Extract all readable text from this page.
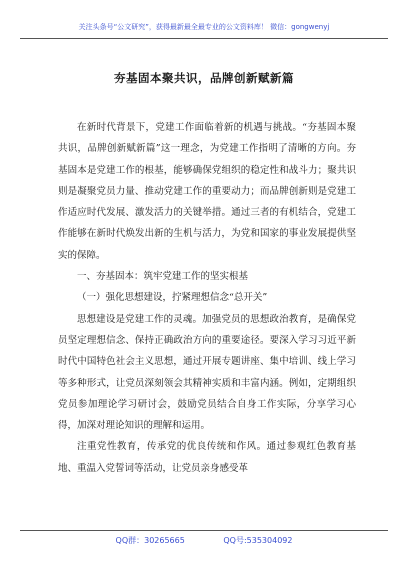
关注头条号“公文研究”，获得最新最全最专业的公文资料库！ 微信：gongwenyj
夯基固本聚共识，品牌创新赋新篇

在新时代背景下，党建工作面临着新的机遇与挑战。“夯基固本聚共识，品牌创新赋新篇”这一理念，为党建工作指明了清晰的方向。夯基固本是党建工作的根基，能够确保党组织的稳定性和战斗力；聚共识则是凝聚党员力量、推动党建工作的重要动力；而品牌创新则是党建工作适应时代发展、激发活力的关键举措。通过三者的有机结合，党建工作能够在新时代焕发出新的生机与活力，为党和国家的事业发展提供坚实的保障。

一、夯基固本：筑牢党建工作的坚实根基

（一）强化思想建设，拧紧理想信念“总开关”

思想建设是党建工作的灵魂。加强党员的思想政治教育，是确保党员坚定理想信念、保持正确政治方向的重要途径。要深入学习习近平新时代中国特色社会主义思想，通过开展专题讲座、集中培训、线上学习等多种形式，让党员深刻领会其精神实质和丰富内涵。例如，定期组织党员参加理论学习研讨会，鼓励党员结合自身工作实际，分享学习心得，加深对理论知识的理解和运用。

注重党性教育，传承党的优良传统和作风。通过参观红色教育基地、重温入党誓词等活动，让党员亲身感受革

QQ群：30265665	QQ号:535304092
